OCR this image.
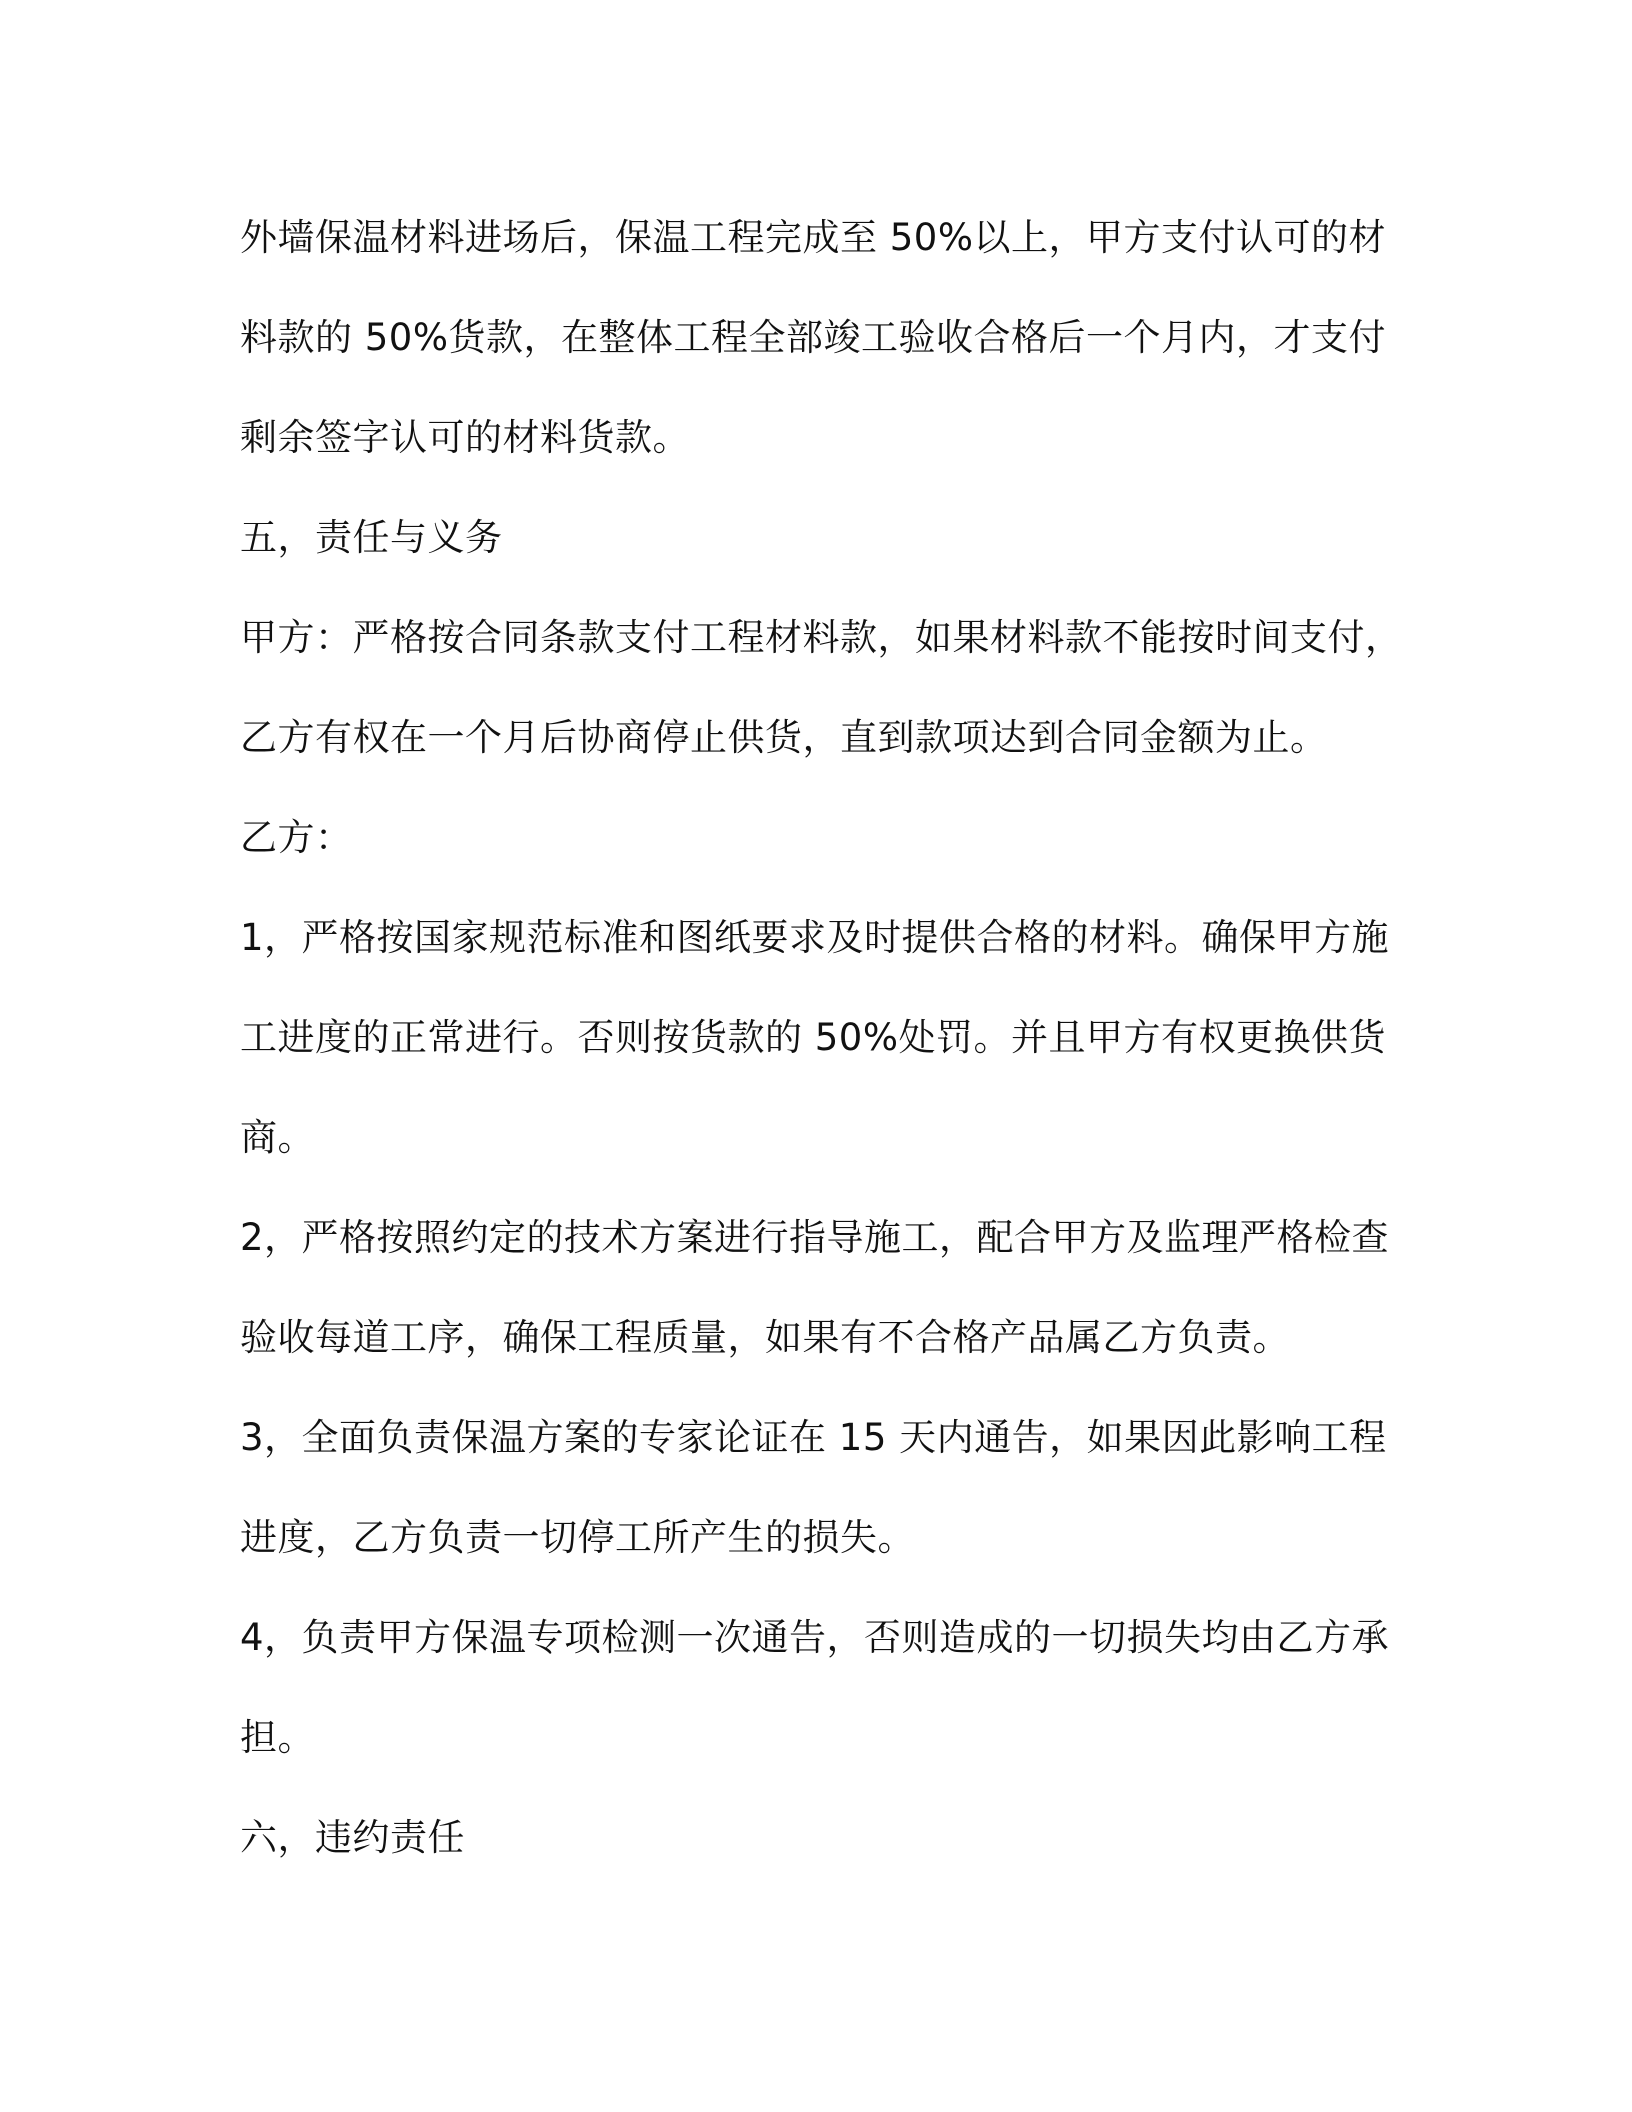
外墙保温材料进场后，保温工程完成至 50%以上，甲方支付认可的材
料款的 50%货款，在整体工程全部竣工验收合格后一个月内，才支付
剩余签字认可的材料货款。
五，责任与义务
甲方：严格按合同条款支付工程材料款，如果材料款不能按时间支付，
乙方有权在一个月后协商停止供货，直到款项达到合同金额为止。
乙方：
1，严格按国家规范标准和图纸要求及时提供合格的材料。确保甲方施
工进度的正常进行。否则按货款的 50%处罚。并且甲方有权更换供货
商。
2，严格按照约定的技术方案进行指导施工，配合甲方及监理严格检查
验收每道工序，确保工程质量，如果有不合格产品属乙方负责。
3，全面负责保温方案的专家论证在 15 天内通告，如果因此影响工程
进度，乙方负责一切停工所产生的损失。
4，负责甲方保温专项检测一次通告，否则造成的一切损失均由乙方承
担。
六，违约责任
